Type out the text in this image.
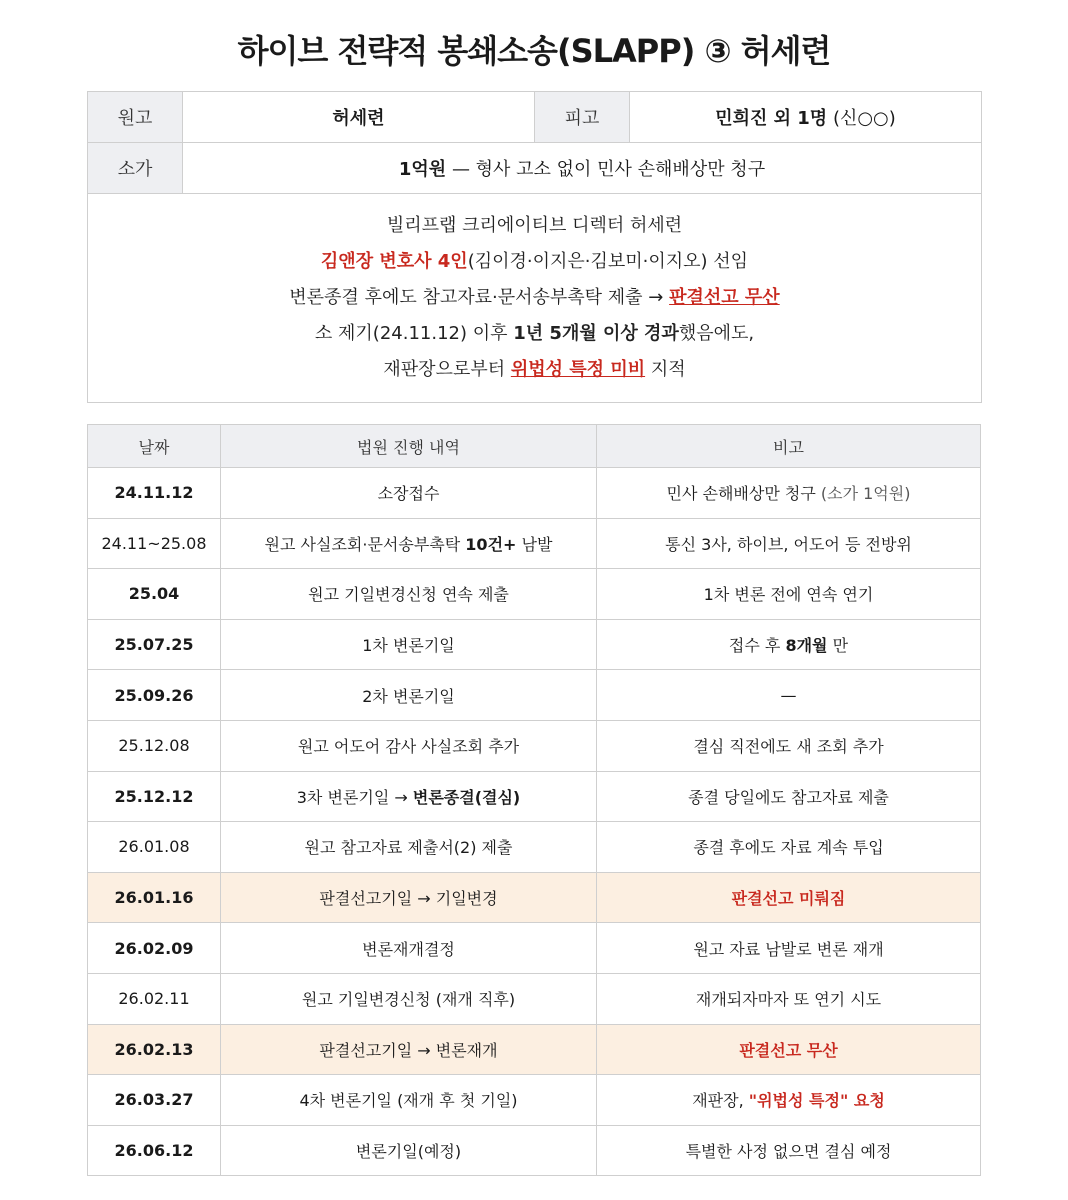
하이브 전략적 봉쇄소송(SLAPP) ③ 허세련
원고	허세련	피고	민희진 외 1명 (신○○)
소가	1억원 — 형사 고소 없이 민사 손해배상만 청구		

빌리프랩 크리에이티브 디렉터 허세련
김앤장 변호사 4인(김이경·이지은·김보미·이지오) 선임
변론종결 후에도 참고자료·문서송부촉탁 제출 → 판결선고 무산
소 제기(24.11.12) 이후 1년 5개월 이상 경과했음에도,
재판장으로부터 위법성 특정 미비 지적			
날짜	법원 진행 내역	비고
24.11.12	소장접수	민사 손해배상만 청구 (소가 1억원)
24.11~25.08	원고 사실조회·문서송부촉탁 10건+ 남발	통신 3사, 하이브, 어도어 등 전방위
25.04	원고 기일변경신청 연속 제출	1차 변론 전에 연속 연기
25.07.25	1차 변론기일	접수 후 8개월 만
25.09.26	2차 변론기일	—
25.12.08	원고 어도어 감사 사실조회 추가	결심 직전에도 새 조회 추가
25.12.12	3차 변론기일 → 변론종결(결심)	종결 당일에도 참고자료 제출
26.01.08	원고 참고자료 제출서(2) 제출	종결 후에도 자료 계속 투입
26.01.16	판결선고기일 → 기일변경	판결선고 미뤄짐
26.02.09	변론재개결정	원고 자료 남발로 변론 재개
26.02.11	원고 기일변경신청 (재개 직후)	재개되자마자 또 연기 시도
26.02.13	판결선고기일 → 변론재개	판결선고 무산
26.03.27	4차 변론기일 (재개 후 첫 기일)	재판장, "위법성 특정" 요청
26.06.12	변론기일(예정)	특별한 사정 없으면 결심 예정
